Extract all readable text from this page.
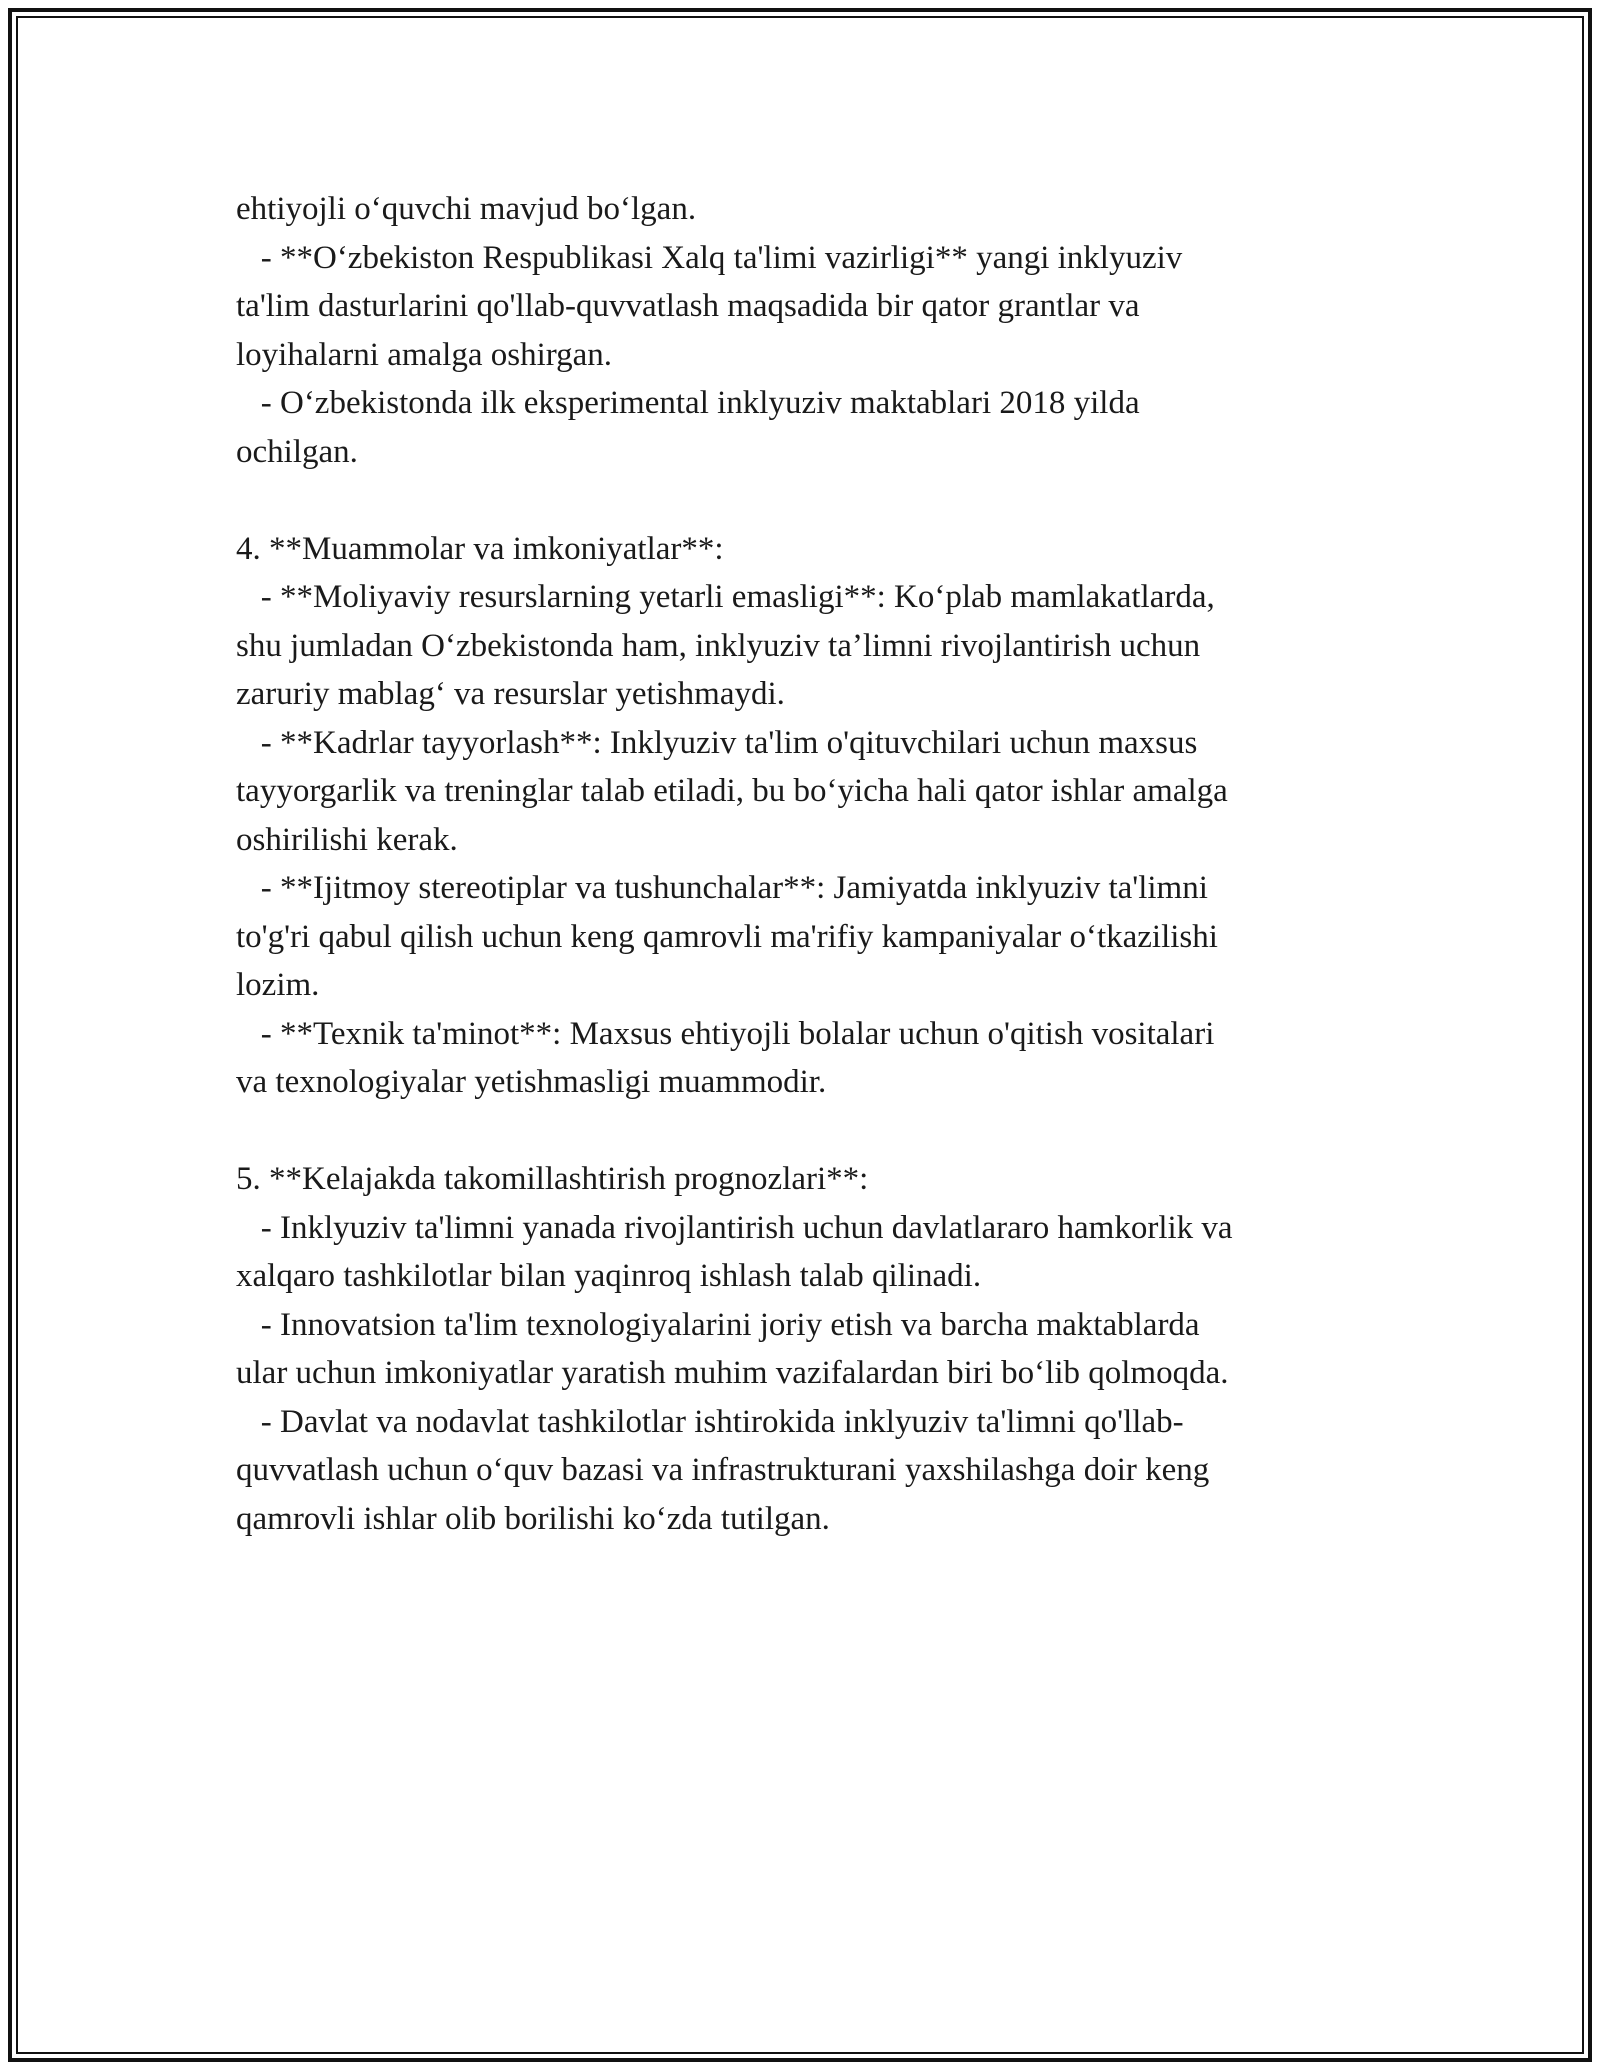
ehtiyojli o‘quvchi mavjud bo‘lgan.
- **O‘zbekiston Respublikasi Xalq ta'limi vazirligi** yangi inklyuziv
ta'lim dasturlarini qo'llab-quvvatlash maqsadida bir qator grantlar va
loyihalarni amalga oshirgan.
- O‘zbekistonda ilk eksperimental inklyuziv maktablari 2018 yilda
ochilgan.
4. **Muammolar va imkoniyatlar**:
- **Moliyaviy resurslarning yetarli emasligi**: Ko‘plab mamlakatlarda,
shu jumladan O‘zbekistonda ham, inklyuziv ta’limni rivojlantirish uchun
zaruriy mablag‘ va resurslar yetishmaydi.
- **Kadrlar tayyorlash**: Inklyuziv ta'lim o'qituvchilari uchun maxsus
tayyorgarlik va treninglar talab etiladi, bu bo‘yicha hali qator ishlar amalga
oshirilishi kerak.
- **Ijitmoy stereotiplar va tushunchalar**: Jamiyatda inklyuziv ta'limni
to'g'ri qabul qilish uchun keng qamrovli ma'rifiy kampaniyalar o‘tkazilishi
lozim.
- **Texnik ta'minot**: Maxsus ehtiyojli bolalar uchun o'qitish vositalari
va texnologiyalar yetishmasligi muammodir.
5. **Kelajakda takomillashtirish prognozlari**:
- Inklyuziv ta'limni yanada rivojlantirish uchun davlatlararo hamkorlik va
xalqaro tashkilotlar bilan yaqinroq ishlash talab qilinadi.
- Innovatsion ta'lim texnologiyalarini joriy etish va barcha maktablarda
ular uchun imkoniyatlar yaratish muhim vazifalardan biri bo‘lib qolmoqda.
- Davlat va nodavlat tashkilotlar ishtirokida inklyuziv ta'limni qo'llab-
quvvatlash uchun o‘quv bazasi va infrastrukturani yaxshilashga doir keng
qamrovli ishlar olib borilishi ko‘zda tutilgan.
